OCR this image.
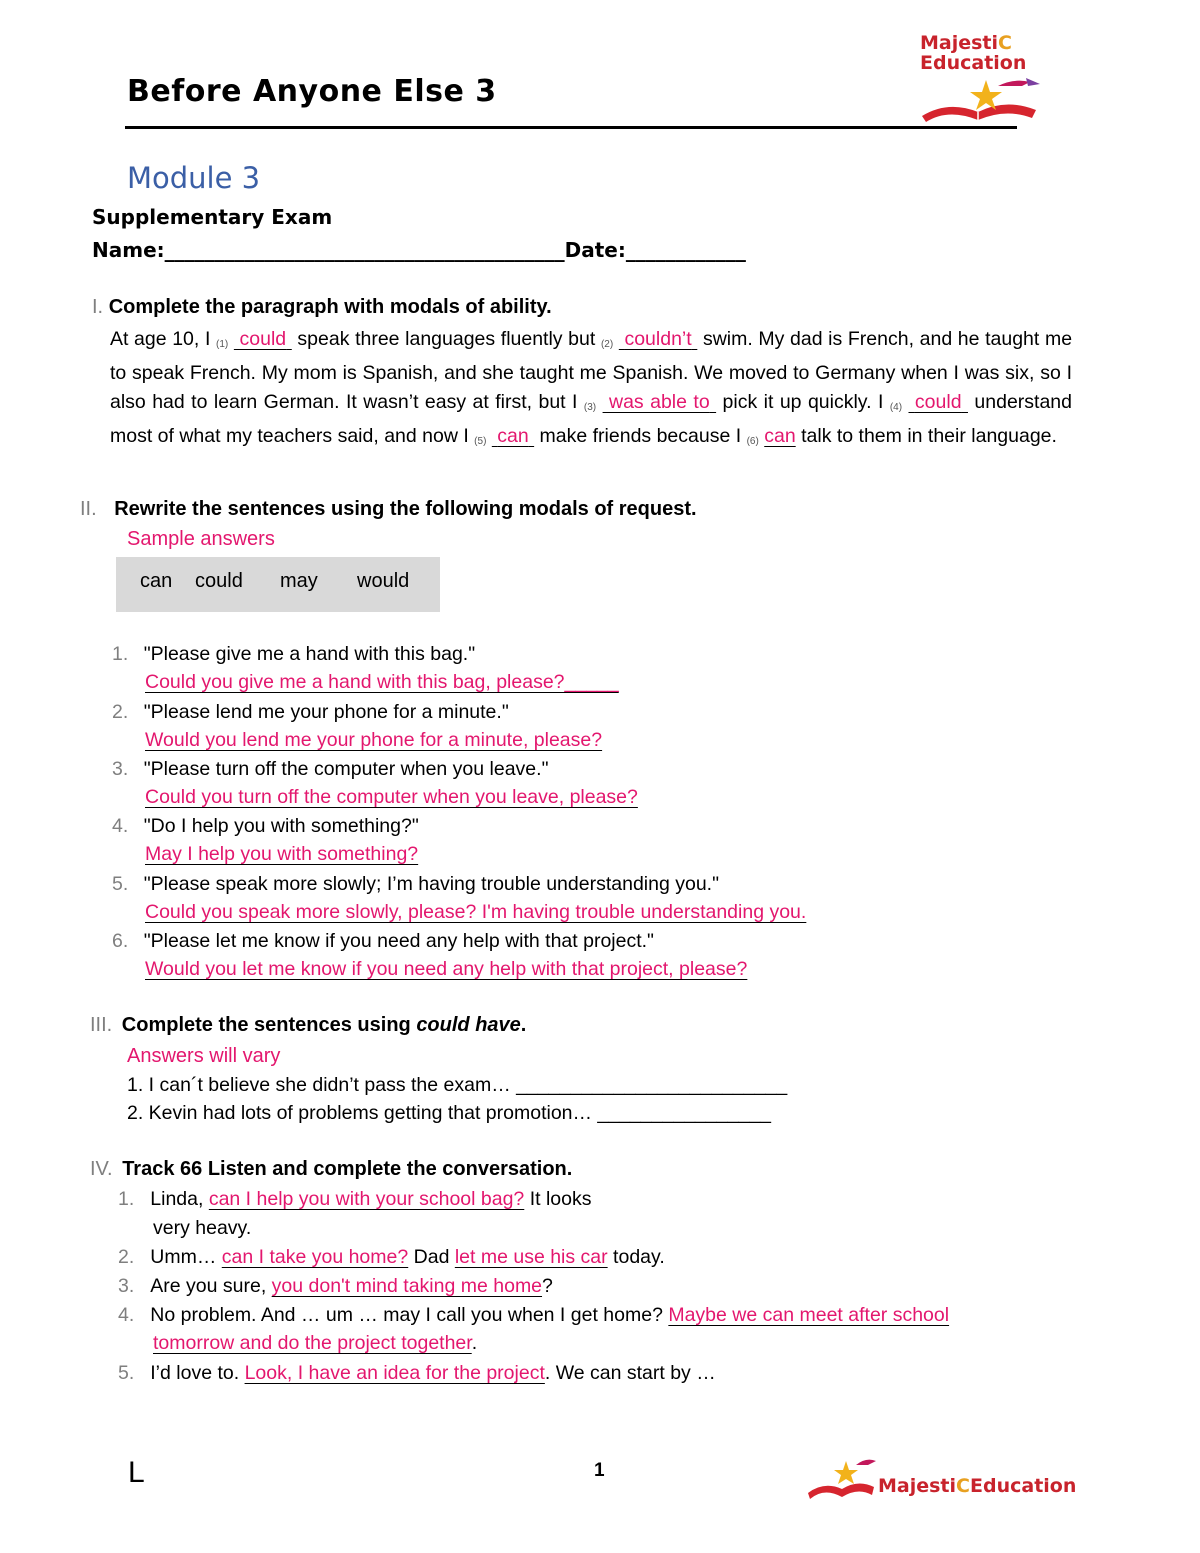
Before Anyone Else 3
MajestiC
Education
Module 3
Supplementary Exam
Name:________________________________________Date:____________
I. Complete the paragraph with modals of ability.
At age 10, I (1) could  speak three languages fluently but (2) couldn’t  swim. My dad is French, and he taught me to speak French. My mom is Spanish, and she taught me Spanish. We moved to Germany when I was six, so I also had to learn German. It wasn’t easy at first, but I (3) was able to  pick it up quickly. I (4) could  understand most of what my teachers said, and now I (5) can  make friends because I (6) can talk to them in their language.
II. Rewrite the sentences using the following modals of request.
Sample answers
can could may would
1. "Please give me a hand with this bag."
Could you give me a hand with this bag, please?_____
2. "Please lend me your phone for a minute."
Would you lend me your phone for a minute, please?
3. "Please turn off the computer when you leave."
Could you turn off the computer when you leave, please?
4. "Do I help you with something?"
May I help you with something?
5. "Please speak more slowly; I’m having trouble understanding you."
Could you speak more slowly, please? I'm having trouble understanding you.
6. "Please let me know if you need any help with that project."
Would you let me know if you need any help with that project, please?
III. Complete the sentences using could have.
Answers will vary
1. I can´t believe she didn’t pass the exam… _________________________
2. Kevin had lots of problems getting that promotion… ________________
IV. Track 66 Listen and complete the conversation.
1. Linda, can I help you with your school bag? It looks
very heavy.
2. Umm… can I take you home? Dad let me use his car today.
3. Are you sure, you don't mind taking me home?
4. No problem. And … um … may I call you when I get home? Maybe we can meet after school
tomorrow and do the project together.
5. I’d love to. Look, I have an idea for the project. We can start by …
L	1
MajestiCEducation
